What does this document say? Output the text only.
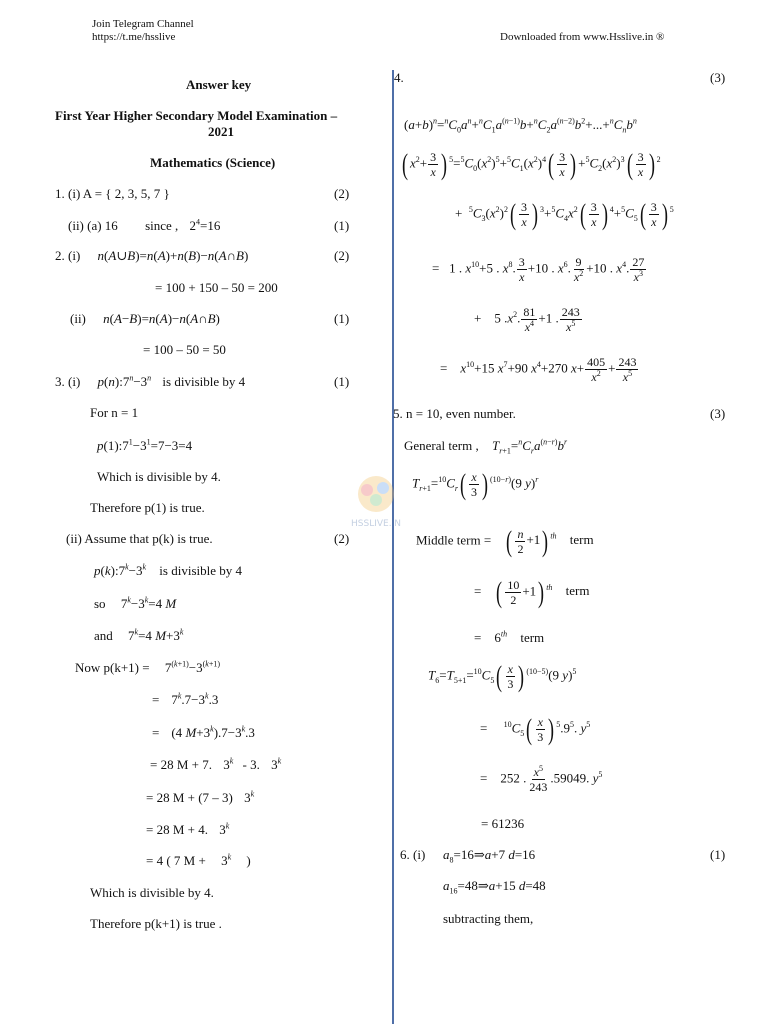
Join Telegram Channel
https://t.me/hsslive	Downloaded from www.Hsslive.in ®
HSSLIVE.IN
Answer key
First Year Higher Secondary Model Examination –
2021
Mathematics (Science)
1. (i) A = { 2, 3, 5, 7 }	(2)
(ii) (a) 16 since , $2^4=16$	(1)
2. (i) n(A∪B)=n(A)+n(B)−n(A∩B)	(2)
= 100 + 150 – 50 = 200
(ii) n(A−B)=n(A)−n(A∩B)	(1)
= 100 – 50 = 50
3. (i) $p(n):7^n-3^n$ is divisible by 4	(1)
For n = 1
$p(1):7^1-3^1=7-3=4$
Which is divisible by 4.
Therefore p(1) is true.
(ii) Assume that p(k) is true.	(2)
$p(k):7^k-3^k$ is divisible by 4
so $7^k-3^k=4$ M
and $7^k=4$ $M+3^k$
Now $p(k+1) = 7^{(k+1)}-3^{(k+1)}$
= $7^k.7-3^k.3$
= (4 $M+3^k).7-3^k.3$
= 28 M + 7. 3$^k$ - 3. $3^k$
= 28 M + (7 – 3) $3^k$
= 28 M + 4. $3^k$
= 4 ( 7 $M + 3^k$ )
Which is divisible by 4.
Therefore p(k+1) is true .
4.	(3)
$(a+b)^n=^nC_0a^n+^nC_1a^{(n-1)}b+^nC_2a^{(n-2)}b^2+...+^nC_nb^n$
( $x^2+ \frac{3}{x}$ ) $^5=^5C_0(x^2)^5+^5C_1(x^2)^4( \frac{3}{x}$ ) $+^5C_2(x^2)^3( \frac{3}{x}$ ) $^2$
+  $^5C_3(x^2)^2( \frac{3}{x}$ ) $^3+^5C_4x^2( \frac{3}{x}$ ) $^4+^5C_5( \frac{3}{x}$ ) $^5$
=   1 . $x^{10}+5$ . $x^8$. $\frac{3}{x} +10$ . $x^6$. $\frac{9}{x^2} +10$ . $x^4$. $\frac{27}{x^3}$
+    5 $.x^2$. $\frac{81}{x^4} +1$ . $\frac{243}{x^5}$
=    $x^{10}+15$ $x^7+90$ $x^4+270$ $x+ \frac{405}{x^2} + \frac{243}{x^5}$
5. n = 10, even number.	(3)
General term , $T_{r+1}=^nC_ra^{(n-r)}b^r$
$T_{r+1}=^{10}C_r( \frac{x}{3}$ ) $^{(10-r)}$(9 y)$^r$
Middle term = ( $\frac{n}{2} +1$) $^{th}$ term
=    ( $\frac{10}{2} +1$) $^{th}$ term
=    6th term
$T_6=T_{5+1}=^{10}C_5( \frac{x}{3}$ ) $^{(10-5)}$(9 y)$^5$
=     $^{10}C_5( \frac{x}{3}$ ) $^5.9^5$. $y^5$
=    252 . $\frac{x^5}{243} .59049$. $y^5$
= 61236
6. (i)	(1)
$a_8=16\Rightarrow a+7$ d=16
$a_{16}=48\Rightarrow a+15$ d=48
subtracting them,
